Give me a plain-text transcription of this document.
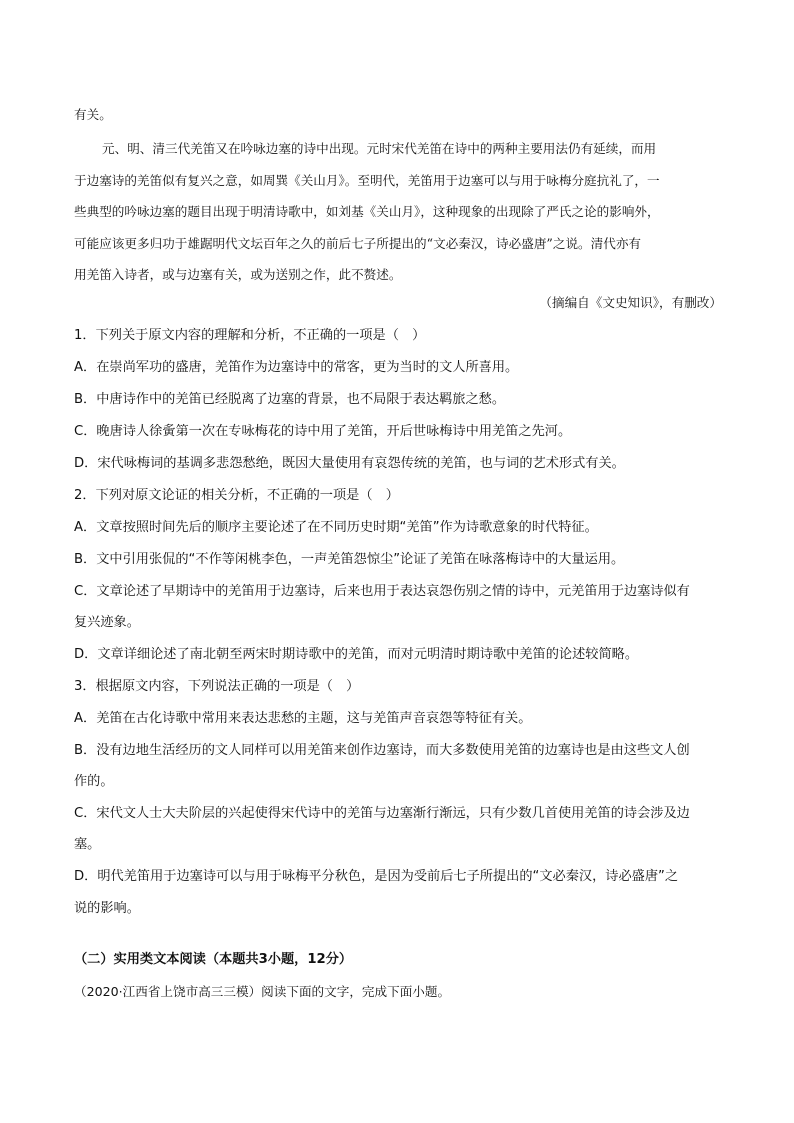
有关。
元、明、清三代羌笛又在吟咏边塞的诗中出现。元时宋代羌笛在诗中的两种主要用法仍有延续，而用
于边塞诗的羌笛似有复兴之意，如周巽《关山月》。至明代，羌笛用于边塞可以与用于咏梅分庭抗礼了，一
些典型的吟咏边塞的题目出现于明清诗歌中，如刘基《关山月》，这种现象的出现除了严氏之论的影响外，
可能应该更多归功于雄踞明代文坛百年之久的前后七子所提出的“文必秦汉，诗必盛唐”之说。清代亦有
用羌笛入诗者，或与边塞有关，或为送别之作，此不赘述。
（摘编自《文史知识》，有删改）
1．下列关于原文内容的理解和分析，不正确的一项是（　）
A．在崇尚军功的盛唐，羌笛作为边塞诗中的常客，更为当时的文人所喜用。
B．中唐诗作中的羌笛已经脱离了边塞的背景，也不局限于表达羁旅之愁。
C．晚唐诗人徐夤第一次在专咏梅花的诗中用了羌笛，开后世咏梅诗中用羌笛之先河。
D．宋代咏梅词的基调多悲怨愁绝，既因大量使用有哀怨传统的羌笛，也与词的艺术形式有关。
2．下列对原文论证的相关分析，不正确的一项是（　）
A．文章按照时间先后的顺序主要论述了在不同历史时期“羌笛”作为诗歌意象的时代特征。
B．文中引用张侃的“不作等闲桃李色，一声羌笛怨惊尘”论证了羌笛在咏落梅诗中的大量运用。
C．文章论述了早期诗中的羌笛用于边塞诗，后来也用于表达哀怨伤别之情的诗中，元羌笛用于边塞诗似有
复兴迹象。
D．文章详细论述了南北朝至两宋时期诗歌中的羌笛，而对元明清时期诗歌中羌笛的论述较简略。
3．根据原文内容，下列说法正确的一项是（　）
A．羌笛在古化诗歌中常用来表达悲愁的主题，这与羌笛声音哀怨等特征有关。
B．没有边地生活经历的文人同样可以用羌笛来创作边塞诗，而大多数使用羌笛的边塞诗也是由这些文人创
作的。
C．宋代文人士大夫阶层的兴起使得宋代诗中的羌笛与边塞渐行渐远，只有少数几首使用羌笛的诗会涉及边
塞。
D．明代羌笛用于边塞诗可以与用于咏梅平分秋色，是因为受前后七子所提出的“文必秦汉，诗必盛唐”之
说的影响。
（二）实用类文本阅读（本题共3小题，12分）
（2020·江西省上饶市高三三模）阅读下面的文字，完成下面小题。
